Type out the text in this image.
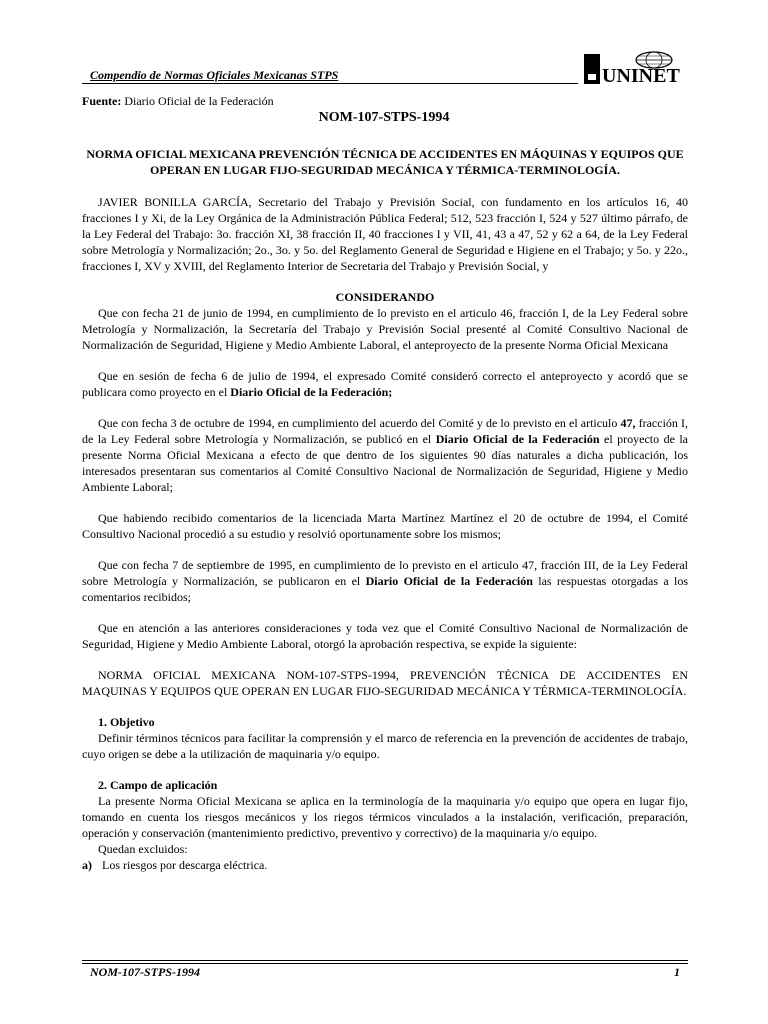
Compendio de Normas Oficiales Mexicanas STPS	UNINET
Fuente: Diario Oficial de la Federación
NOM-107-STPS-1994
NORMA OFICIAL MEXICANA PREVENCIÓN TÉCNICA DE ACCIDENTES EN MÁQUINAS Y EQUIPOS QUE OPERAN EN LUGAR FIJO-SEGURIDAD MECÁNICA Y TÉRMICA-TERMINOLOGÍA.

JAVIER BONILLA GARCÍA, Secretario del Trabajo y Previsión Social, con fundamento en los artículos 16, 40 fracciones I y Xi, de la Ley Orgánica de la Administración Pública Federal; 512, 523 fracción I, 524 y 527 último párrafo, de la Ley Federal del Trabajo: 3o. fracción XI, 38 fracción II, 40 fracciones I y VII, 41, 43 a 47, 52 y 62 a 64, de la Ley Federal sobre Metrología y Normalización; 2o., 3o. y 5o. del Reglamento General de Seguridad e Higiene en el Trabajo; y 5o. y 22o., fracciones I, XV y XVIII, del Reglamento Interior de Secretaria del Trabajo y Previsión Social, y

CONSIDERANDO

Que con fecha 21 de junio de 1994, en cumplimiento de lo previsto en el articulo 46, fracción I, de la Ley Federal sobre Metrología y Normalización, la Secretaría del Trabajo y Previsión Social presenté al Comité Consultivo Nacional de Normalización de Seguridad, Higiene y Medio Ambiente Laboral, el anteproyecto de la presente Norma Oficial Mexicana

Que en sesión de fecha 6 de julio de 1994, el expresado Comité consideró correcto el anteproyecto y acordó que se publicara como proyecto en el Diario Oficial de la Federación;

Que con fecha 3 de octubre de 1994, en cumplimiento del acuerdo del Comité y de lo previsto en el articulo 47, fracción I, de la Ley Federal sobre Metrología y Normalización, se publicó en el Diario Oficial de la Federación el proyecto de la presente Norma Oficial Mexicana a efecto de que dentro de los siguientes 90 días naturales a dicha publicación, los interesados presentaran sus comentarios al Comité Consultivo Nacional de Normalización de Seguridad, Higiene y Medio Ambiente Laboral;

Que habiendo recibido comentarios de la licenciada Marta Martínez Martínez el 20 de octubre de 1994, el Comité Consultivo Nacional procedió a su estudio y resolvió oportunamente sobre los mismos;

Que con fecha 7 de septiembre de 1995, en cumplimiento de lo previsto en el articulo 47, fracción III, de la Ley Federal sobre Metrología y Normalización, se publicaron en el Diario Oficial de la Federación las respuestas otorgadas a los comentarios recibidos;

Que en atención a las anteriores consideraciones y toda vez que el Comité Consultivo Nacional de Normalización de Seguridad, Higiene y Medio Ambiente Laboral, otorgó la aprobación respectiva, se expide la siguiente:

NORMA OFICIAL MEXICANA NOM-107-STPS-1994, PREVENCIÓN TÉCNICA DE ACCIDENTES EN MAQUINAS Y EQUIPOS QUE OPERAN EN LUGAR FIJO-SEGURIDAD MECÁNICA Y TÉRMICA-TERMINOLOGÍA.

1. Objetivo

Definir términos técnicos para facilitar la comprensión y el marco de referencia en la prevención de accidentes de trabajo, cuyo origen se debe a la utilización de maquinaria y/o equipo.

2. Campo de aplicación

La presente Norma Oficial Mexicana se aplica en la terminología de la maquinaria y/o equipo que opera en lugar fijo, tomando en cuenta los riesgos mecánicos y los riegos térmicos vinculados a la instalación, verificación, preparación, operación y conservación (mantenimiento predictivo, preventivo y correctivo) de la maquinaria y/o equipo.

Quedan excluidos:

a) Los riesgos por descarga eléctrica.
NOM-107-STPS-1994	1
